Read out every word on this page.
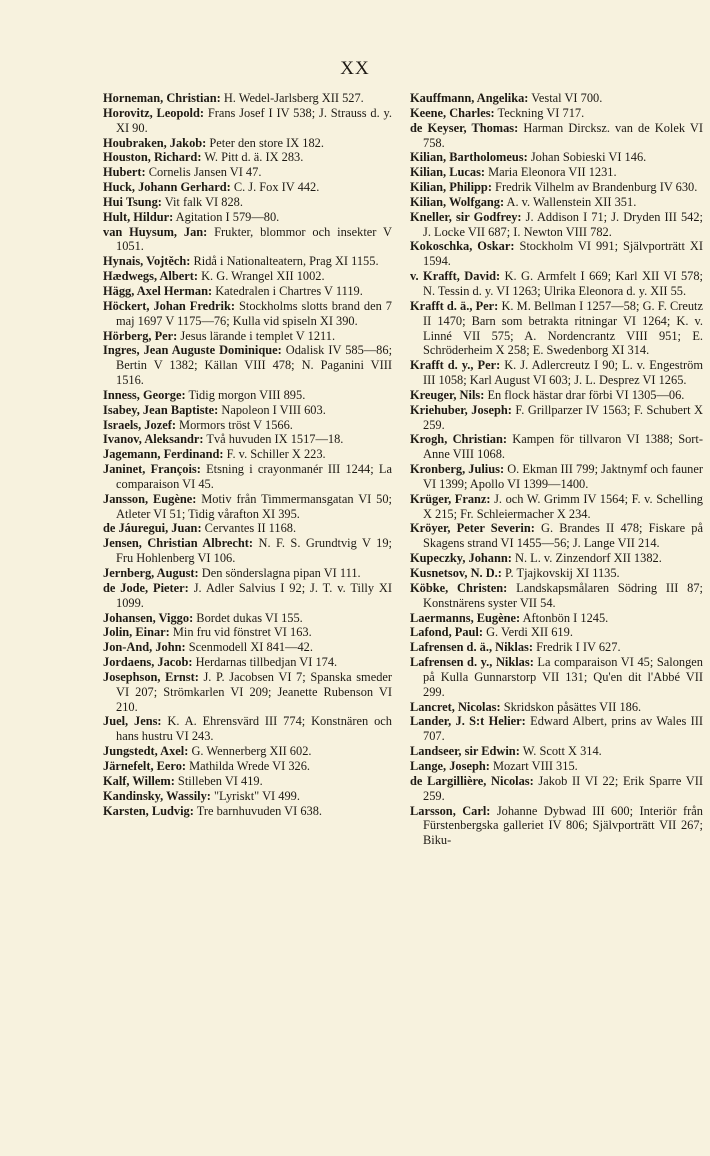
XX
Horneman, Christian: H. Wedel-Jarlsberg XII 527.
Horovitz, Leopold: Frans Josef I IV 538; J. Strauss d. y. XI 90.
Houbraken, Jakob: Peter den store IX 182.
Houston, Richard: W. Pitt d. ä. IX 283.
Hubert: Cornelis Jansen VI 47.
Huck, Johann Gerhard: C. J. Fox IV 442.
Hui Tsung: Vit falk VI 828.
Hult, Hildur: Agitation I 579—80.
van Huysum, Jan: Frukter, blommor och insekter V 1051.
Hynais, Vojtěch: Ridå i Nationalteatern, Prag XI 1155.
Hædwegs, Albert: K. G. Wrangel XII 1002.
Hägg, Axel Herman: Katedralen i Chartres V 1119.
Höckert, Johan Fredrik: Stockholms slotts brand den 7 maj 1697 V 1175—76; Kulla vid spiseln XI 390.
Hörberg, Per: Jesus lärande i templet V 1211.
Ingres, Jean Auguste Dominique: Odalisk IV 585—86; Bertin V 1382; Källan VIII 478; N. Paganini VIII 1516.
Inness, George: Tidig morgon VIII 895.
Isabey, Jean Baptiste: Napoleon I VIII 603.
Israels, Jozef: Mormors tröst V 1566.
Ivanov, Aleksandr: Två huvuden IX 1517—18.
Jagemann, Ferdinand: F. v. Schiller X 223.
Janinet, François: Etsning i crayonmanér III 1244; La comparaison VI 45.
Jansson, Eugène: Motiv från Timmermansgatan VI 50; Atleter VI 51; Tidig vårafton XI 395.
de Jáuregui, Juan: Cervantes II 1168.
Jensen, Christian Albrecht: N. F. S. Grundtvig V 19; Fru Hohlenberg VI 106.
Jernberg, August: Den sönderslagna pipan VI 111.
de Jode, Pieter: J. Adler Salvius I 92; J. T. v. Tilly XI 1099.
Johansen, Viggo: Bordet dukas VI 155.
Jolin, Einar: Min fru vid fönstret VI 163.
Jon-And, John: Scenmodell XI 841—42.
Jordaens, Jacob: Herdarnas tillbedjan VI 174.
Josephson, Ernst: J. P. Jacobsen VI 7; Spanska smeder VI 207; Strömkarlen VI 209; Jeanette Rubenson VI 210.
Juel, Jens: K. A. Ehrensvärd III 774; Konstnären och hans hustru VI 243.
Jungstedt, Axel: G. Wennerberg XII 602.
Järnefelt, Eero: Mathilda Wrede VI 326.
Kalf, Willem: Stilleben VI 419.
Kandinsky, Wassily: "Lyriskt" VI 499.
Karsten, Ludvig: Tre barnhuvuden VI 638.
Kauffmann, Angelika: Vestal VI 700.
Keene, Charles: Teckning VI 717.
de Keyser, Thomas: Harman Dircksz. van de Kolek VI 758.
Kilian, Bartholomeus: Johan Sobieski VI 146.
Kilian, Lucas: Maria Eleonora VII 1231.
Kilian, Philipp: Fredrik Vilhelm av Brandenburg IV 630.
Kilian, Wolfgang: A. v. Wallenstein XII 351.
Kneller, sir Godfrey: J. Addison I 71; J. Dryden III 542; J. Locke VII 687; I. Newton VIII 782.
Kokoschka, Oskar: Stockholm VI 991; Självporträtt XI 1594.
v. Krafft, David: K. G. Armfelt I 669; Karl XII VI 578; N. Tessin d. y. VI 1263; Ulrika Eleonora d. y. XII 55.
Krafft d. ä., Per: K. M. Bellman I 1257—58; G. F. Creutz II 1470; Barn som betrakta ritningar VI 1264; K. v. Linné VII 575; A. Nordencrantz VIII 951; E. Schröderheim X 258; E. Swedenborg XI 314.
Krafft d. y., Per: K. J. Adlercreutz I 90; L. v. Engeström III 1058; Karl August VI 603; J. L. Desprez VI 1265.
Kreuger, Nils: En flock hästar drar förbi VI 1305—06.
Kriehuber, Joseph: F. Grillparzer IV 1563; F. Schubert X 259.
Krogh, Christian: Kampen för tillvaron VI 1388; Sort-Anne VIII 1068.
Kronberg, Julius: O. Ekman III 799; Jaktnymf och fauner VI 1399; Apollo VI 1399—1400.
Krüger, Franz: J. och W. Grimm IV 1564; F. v. Schelling X 215; Fr. Schleiermacher X 234.
Kröyer, Peter Severin: G. Brandes II 478; Fiskare på Skagens strand VI 1455—56; J. Lange VII 214.
Kupeczky, Johann: N. L. v. Zinzendorf XII 1382.
Kusnetsov, N. D.: P. Tjajkovskij XI 1135.
Köbke, Christen: Landskapsmålaren Södring III 87; Konstnärens syster VII 54.
Laermanns, Eugène: Aftonbön I 1245.
Lafond, Paul: G. Verdi XII 619.
Lafrensen d. ä., Niklas: Fredrik I IV 627.
Lafrensen d. y., Niklas: La comparaison VI 45; Salongen på Kulla Gunnarstorp VII 131; Qu'en dit l'Abbé VII 299.
Lancret, Nicolas: Skridskon påsättes VII 186.
Lander, J. S:t Helier: Edward Albert, prins av Wales III 707.
Landseer, sir Edwin: W. Scott X 314.
Lange, Joseph: Mozart VIII 315.
de Largillière, Nicolas: Jakob II VI 22; Erik Sparre VII 259.
Larsson, Carl: Johanne Dybwad III 600; Interiör från Fürstenbergska galleriet IV 806; Självporträtt VII 267; Biku-
